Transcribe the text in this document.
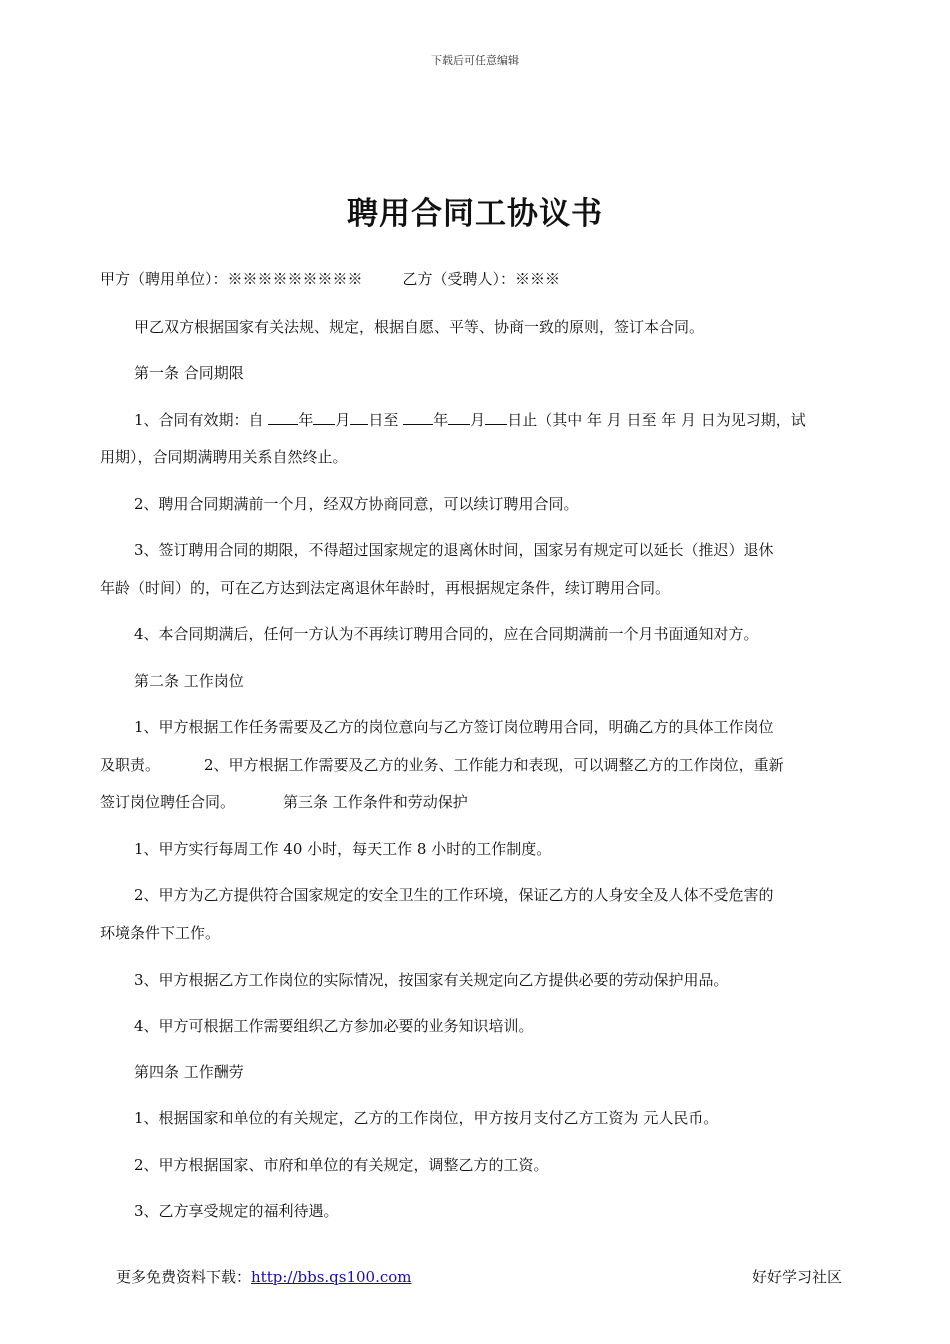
下载后可任意编辑
聘用合同工协议书
甲方（聘用单位）：※※※※※※※※※	乙方（受聘人）：※※※
甲乙双方根据国家有关法规、规定，根据自愿、平等、协商一致的原则，签订本合同。
第一条 合同期限
1、合同有效期：自 年 月 日至 年 月 日止（其中 年 月 日至 年 月 日为见习期，试
用期），合同期满聘用关系自然终止。
2、聘用合同期满前一个月，经双方协商同意，可以续订聘用合同。
3、签订聘用合同的期限，不得超过国家规定的退离休时间，国家另有规定可以延长（推迟）退休
年龄（时间）的，可在乙方达到法定离退休年龄时，再根据规定条件，续订聘用合同。
4、本合同期满后，任何一方认为不再续订聘用合同的，应在合同期满前一个月书面通知对方。
第二条 工作岗位
1、甲方根据工作任务需要及乙方的岗位意向与乙方签订岗位聘用合同，明确乙方的具体工作岗位
及职责。	2、甲方根据工作需要及乙方的业务、工作能力和表现，可以调整乙方的工作岗位，重新
签订岗位聘任合同。	第三条 工作条件和劳动保护
1、甲方实行每周工作 40 小时，每天工作 8 小时的工作制度。
2、甲方为乙方提供符合国家规定的安全卫生的工作环境，保证乙方的人身安全及人体不受危害的
环境条件下工作。
3、甲方根据乙方工作岗位的实际情况，按国家有关规定向乙方提供必要的劳动保护用品。
4、甲方可根据工作需要组织乙方参加必要的业务知识培训。
第四条 工作酬劳
1、根据国家和单位的有关规定，乙方的工作岗位，甲方按月支付乙方工资为 元人民币。
2、甲方根据国家、市府和单位的有关规定，调整乙方的工资。
3、乙方享受规定的福利待遇。
更多免费资料下载：http://bbs.qs100.com	好好学习社区
